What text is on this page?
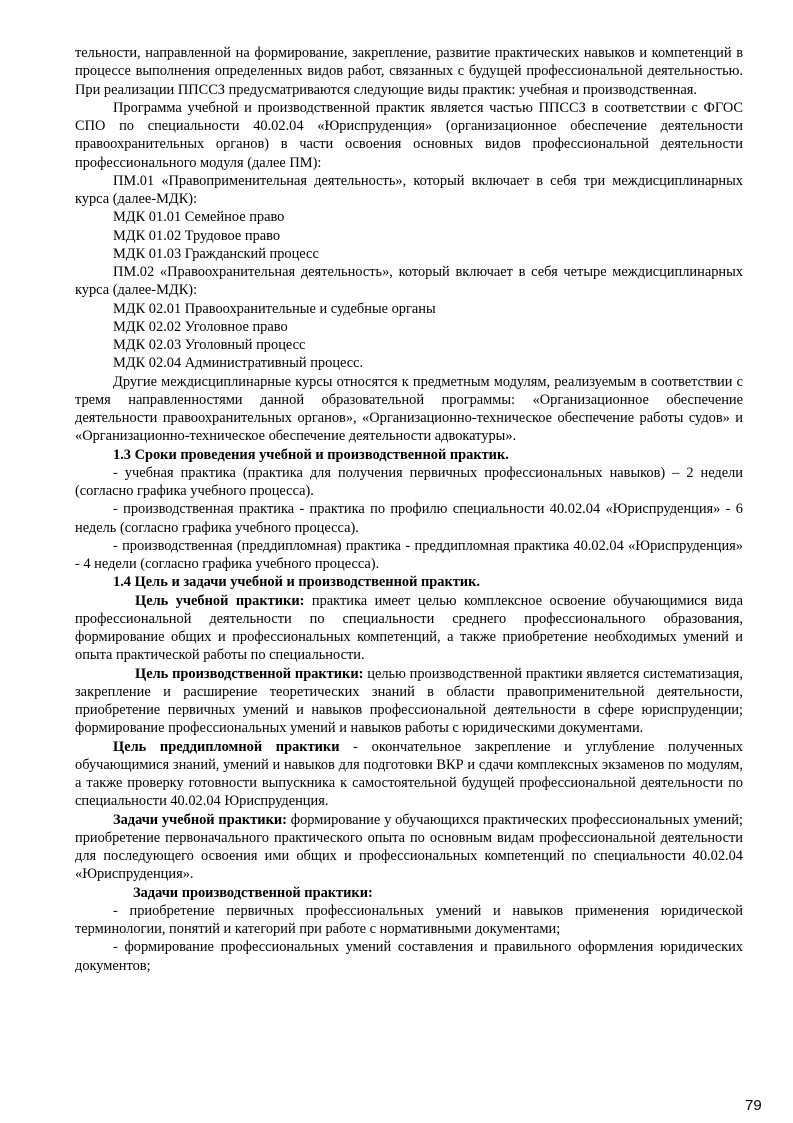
тельности, направленной на формирование, закрепление, развитие практических навыков и компетенций в процессе выполнения определенных видов работ, связанных с будущей профессиональной деятельностью. При реализации ППССЗ предусматриваются следующие виды практик: учебная и производственная.

Программа учебной и производственной практик является частью ППССЗ в соответствии с ФГОС СПО по специальности 40.02.04 «Юриспруденция» (организационное обеспечение деятельности правоохранительных органов) в части освоения основных видов профессиональной деятельности профессионального модуля (далее ПМ):

ПМ.01 «Правоприменительная деятельность», который включает в себя три междисциплинарных курса (далее-МДК):

МДК 01.01 Семейное право

МДК 01.02 Трудовое право

МДК 01.03 Гражданский процесс

ПМ.02 «Правоохранительная деятельность», который включает в себя четыре междисциплинарных курса (далее-МДК):

МДК 02.01 Правоохранительные и судебные органы

МДК 02.02 Уголовное право

МДК 02.03 Уголовный процесс

МДК 02.04 Административный процесс.

Другие междисциплинарные курсы относятся к предметным модулям, реализуемым в соответствии с тремя направленностями данной образовательной программы: «Организационное обеспечение деятельности правоохранительных органов», «Организационно-техническое обеспечение работы судов» и «Организационно-техническое обеспечение деятельности адвокатуры».

1.3 Сроки проведения учебной и производственной практик.

- учебная практика (практика для получения первичных профессиональных навыков) – 2 недели (согласно графика учебного процесса).

- производственная практика - практика по профилю специальности 40.02.04 «Юриспруденция» - 6 недель (согласно графика учебного процесса).

- производственная (преддипломная) практика - преддипломная практика 40.02.04 «Юриспруденция» - 4 недели (согласно графика учебного процесса).

1.4 Цель и задачи учебной и производственной практик.

Цель учебной практики: практика имеет целью комплексное освоение обучающимися вида профессиональной деятельности по специальности среднего профессионального образования, формирование общих и профессиональных компетенций, а также приобретение необходимых умений и опыта практической работы по специальности.

Цель производственной практики: целью производственной практики является систематизация, закрепление и расширение теоретических знаний в области правоприменительной деятельности, приобретение первичных умений и навыков профессиональной деятельности в сфере юриспруденции; формирование профессиональных умений и навыков работы с юридическими документами.

Цель преддипломной практики - окончательное закрепление и углубление полученных обучающимися знаний, умений и навыков для подготовки ВКР и сдачи комплексных экзаменов по модулям, а также проверку готовности выпускника к самостоятельной будущей профессиональной деятельности по специальности 40.02.04 Юриспруденция.

Задачи учебной практики: формирование у обучающихся практических профессиональных умений; приобретение первоначального практического опыта по основным видам профессиональной деятельности для последующего освоения ими общих и профессиональных компетенций по специальности 40.02.04 «Юриспруденция».

Задачи производственной практики:

- приобретение первичных профессиональных умений и навыков применения юридической терминологии, понятий и категорий при работе с нормативными документами;

- формирование профессиональных умений составления и правильного оформления юридических документов;

79
